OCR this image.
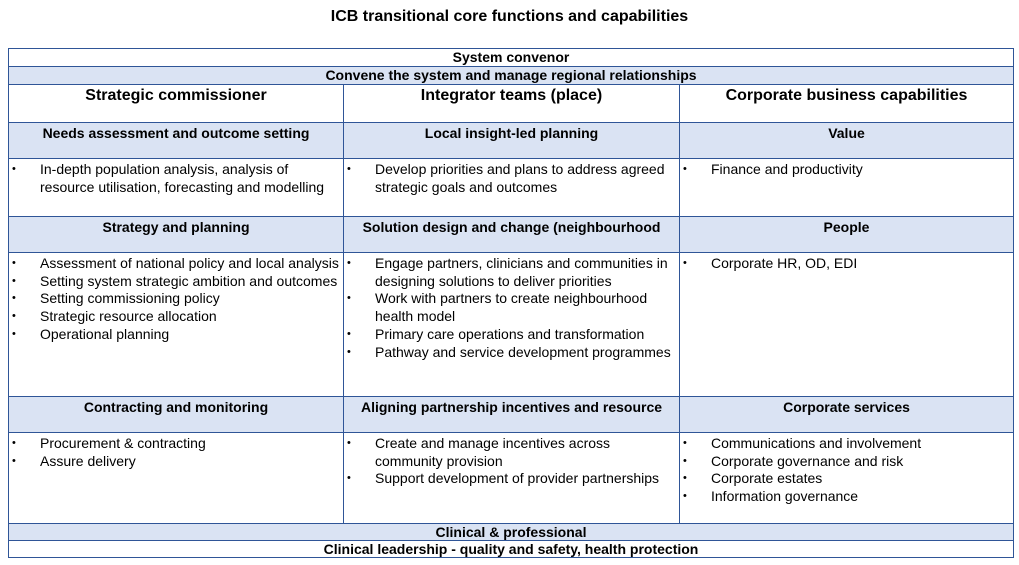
ICB transitional core functions and capabilities
System convenor
Convene the system and manage regional relationships
Strategic commissioner
Needs assessment and outcome setting
• In-depth population analysis, analysis of resource utilisation, forecasting and modelling
Strategy and planning
• Assessment of national policy and local analysis
• Setting system strategic ambition and outcomes
• Setting commissioning policy
• Strategic resource allocation
• Operational planning
Contracting and monitoring
• Procurement & contracting
• Assure delivery
Integrator teams (place)
Local insight-led planning
• Develop priorities and plans to address agreed strategic goals and outcomes
Solution design and change (neighbourhood
• Engage partners, clinicians and communities in designing solutions to deliver priorities
• Work with partners to create neighbourhood health model
• Primary care operations and transformation
• Pathway and service development programmes
Aligning partnership incentives and resource
• Create and manage incentives across community provision
• Support development of provider partnerships
Corporate business capabilities
Value
• Finance and productivity
People
• Corporate HR, OD, EDI
Corporate services
• Communications and involvement
• Corporate governance and risk
• Corporate estates
• Information governance
Clinical & professional
Clinical leadership - quality and safety, health protection
